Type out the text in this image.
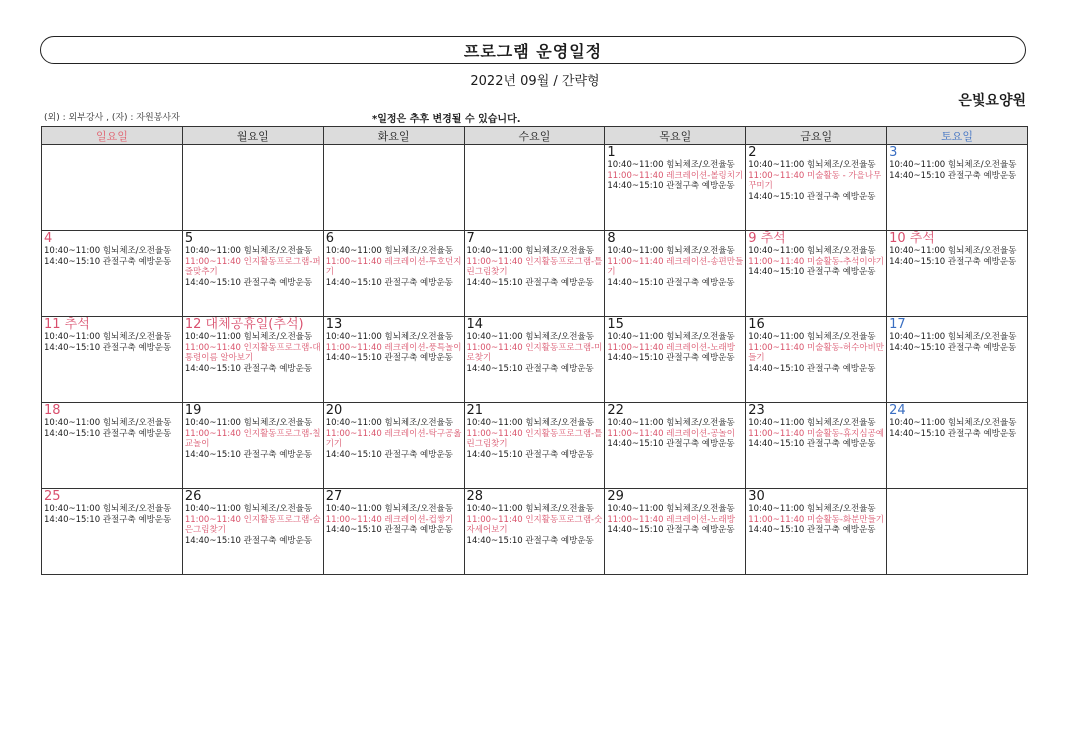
프로그램 운영일정
2022년 09월 / 간략형
은빛요양원
(외) : 외부강사 , (자) : 자원봉사자	*일정은 추후 변경될 수 있습니다.
일요일	월요일	화요일	수요일	목요일	금요일	토요일

				1
10:40~11:00 힘뇌체조/오전율동
11:00~11:40 레크레이션-볼링치기
14:40~15:10 관절구축 예방운동	2
10:40~11:00 힘뇌체조/오전율동
11:00~11:40 미술활동 - 가을나무꾸미기
14:40~15:10 관절구축 예방운동	3
10:40~11:00 힘뇌체조/오전율동
14:40~15:10 관절구축 예방운동

4
10:40~11:00 힘뇌체조/오전율동
14:40~15:10 관절구축 예방운동	5
10:40~11:00 힘뇌체조/오전율동
11:00~11:40 인지활동프로그램-퍼즐맞추기
14:40~15:10 관절구축 예방운동	6
10:40~11:00 힘뇌체조/오전율동
11:00~11:40 레크레이션-투호던지기
14:40~15:10 관절구축 예방운동	7
10:40~11:00 힘뇌체조/오전율동
11:00~11:40 인지활동프로그램-틀린그림찾기
14:40~15:10 관절구축 예방운동	8
10:40~11:00 힘뇌체조/오전율동
11:00~11:40 레크레이션-송편만들기
14:40~15:10 관절구축 예방운동	9 추석
10:40~11:00 힘뇌체조/오전율동
11:00~11:40 미술활동-추석이야기
14:40~15:10 관절구축 예방운동	10 추석
10:40~11:00 힘뇌체조/오전율동
14:40~15:10 관절구축 예방운동

11 추석
10:40~11:00 힘뇌체조/오전율동
14:40~15:10 관절구축 예방운동	12 대체공휴일(추석)
10:40~11:00 힘뇌체조/오전율동
11:00~11:40 인지활동프로그램-대통령이름 알아보기
14:40~15:10 관절구축 예방운동	13
10:40~11:00 힘뇌체조/오전율동
11:00~11:40 레크레이션-풍특놀이
14:40~15:10 관절구축 예방운동	14
10:40~11:00 힘뇌체조/오전율동
11:00~11:40 인지활동프로그램-미로찾기
14:40~15:10 관절구축 예방운동	15
10:40~11:00 힘뇌체조/오전율동
11:00~11:40 레크레이션-노래방
14:40~15:10 관절구축 예방운동	16
10:40~11:00 힘뇌체조/오전율동
11:00~11:40 미술활동-허수아비만들기
14:40~15:10 관절구축 예방운동	17
10:40~11:00 힘뇌체조/오전율동
14:40~15:10 관절구축 예방운동

18
10:40~11:00 힘뇌체조/오전율동
14:40~15:10 관절구축 예방운동	19
10:40~11:00 힘뇌체조/오전율동
11:00~11:40 인지활동프로그램-칠교놀이
14:40~15:10 관절구축 예방운동	20
10:40~11:00 힘뇌체조/오전율동
11:00~11:40 레크레이션-탁구공옮기기
14:40~15:10 관절구축 예방운동	21
10:40~11:00 힘뇌체조/오전율동
11:00~11:40 인지활동프로그램-틀린그림찾기
14:40~15:10 관절구축 예방운동	22
10:40~11:00 힘뇌체조/오전율동
11:00~11:40 레크레이션-공놀이
14:40~15:10 관절구축 예방운동	23
10:40~11:00 힘뇌체조/오전율동
11:00~11:40 미술활동-휴지심공예
14:40~15:10 관절구축 예방운동	24
10:40~11:00 힘뇌체조/오전율동
14:40~15:10 관절구축 예방운동

25
10:40~11:00 힘뇌체조/오전율동
14:40~15:10 관절구축 예방운동	26
10:40~11:00 힘뇌체조/오전율동
11:00~11:40 인지활동프로그램-숨은그림찾기
14:40~15:10 관절구축 예방운동	27
10:40~11:00 힘뇌체조/오전율동
11:00~11:40 레크레이션-컵쌓기
14:40~15:10 관절구축 예방운동	28
10:40~11:00 힘뇌체조/오전율동
11:00~11:40 인지활동프로그램-숫자세어보기
14:40~15:10 관절구축 예방운동	29
10:40~11:00 힘뇌체조/오전율동
11:00~11:40 레크레이션-노래방
14:40~15:10 관절구축 예방운동	30
10:40~11:00 힘뇌체조/오전율동
11:00~11:40 미술활동-화분만들기
14:40~15:10 관절구축 예방운동	
